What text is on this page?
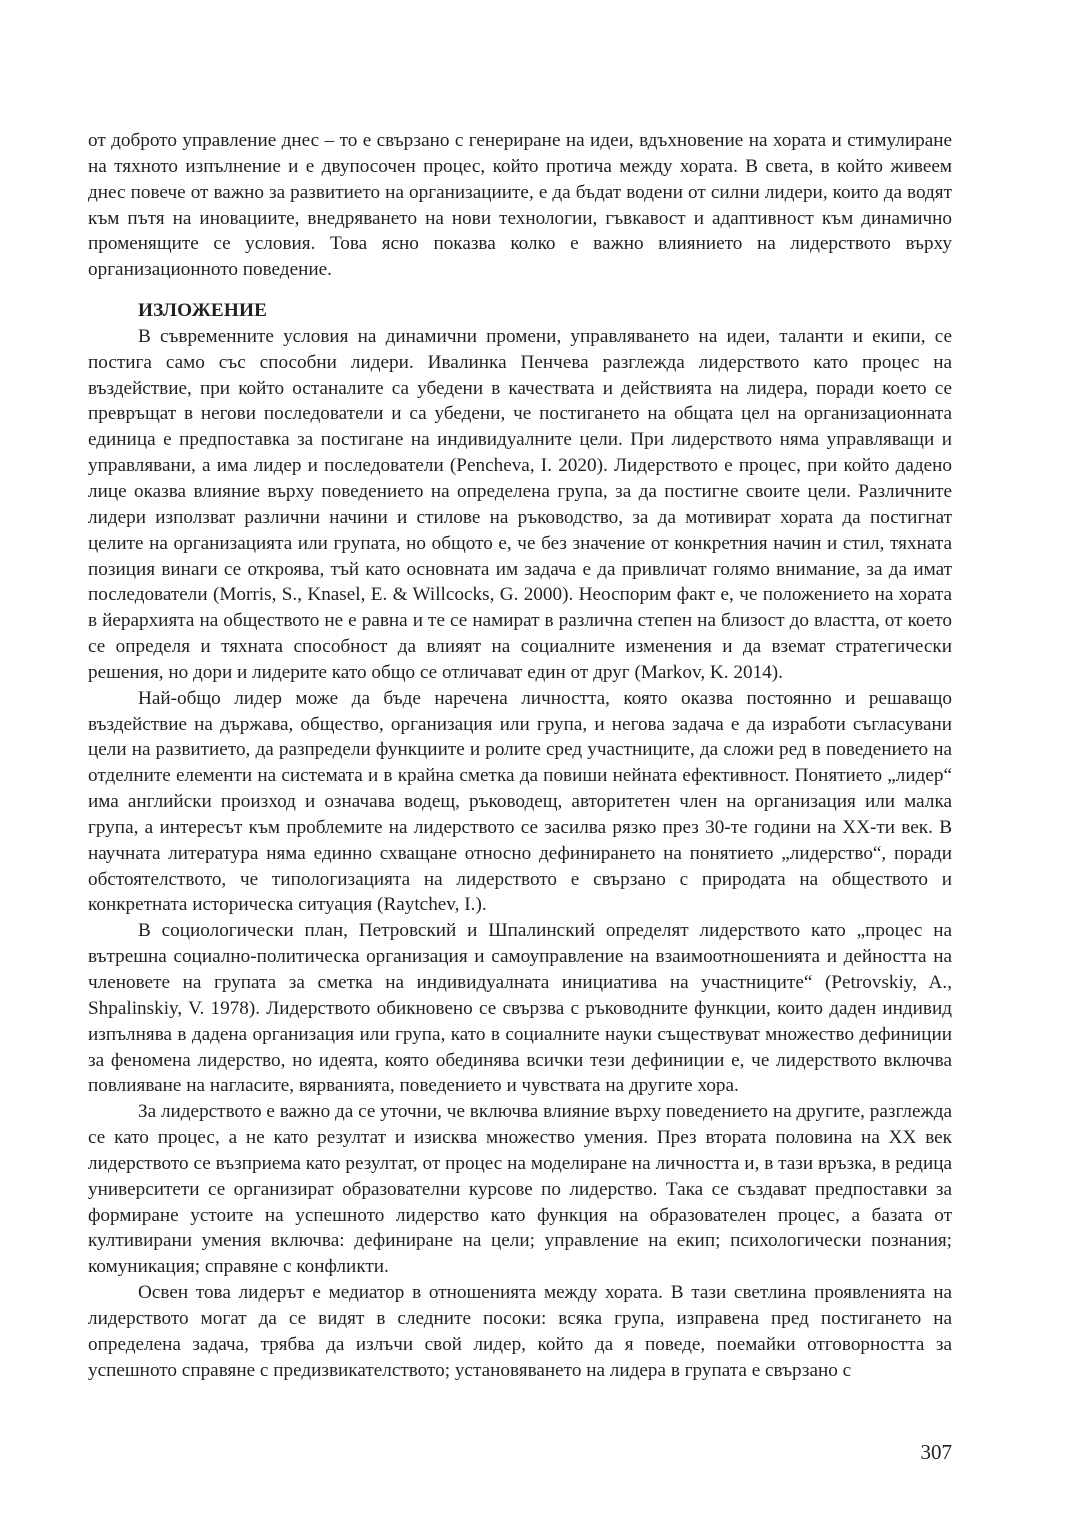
от доброто управление днес – то е свързано с генериране на идеи, вдъхновение на хората и стимулиране на тяхното изпълнение и е двупосочен процес, който протича между хората. В света, в който живеем днес повече от важно за развитието на организациите, е да бъдат водени от силни лидери, които да водят към пътя на иновациите, внедряването на нови технологии, гъвкавост и адаптивност към динамично променящите се условия. Това ясно показва колко е важно влиянието на лидерството върху организационното поведение.

ИЗЛОЖЕНИЕ

В съвременните условия на динамични промени, управляването на идеи, таланти и екипи, се постига само със способни лидери. Ивалинка Пенчева разглежда лидерството като процес на въздействие, при който останалите са убедени в качествата и действията на лидера, поради което се превръщат в негови последователи и са убедени, че постигането на общата цел на организационната единица е предпоставка за постигане на индивидуалните цели. При лидерството няма управляващи и управлявани, а има лидер и последователи (Pencheva, I. 2020). Лидерството е процес, при който дадено лице оказва влияние върху поведението на определена група, за да постигне своите цели. Различните лидери използват различни начини и стилове на ръководство, за да мотивират хората да постигнат целите на организацията или групата, но общото е, че без значение от конкретния начин и стил, тяхната позиция винаги се откроява, тъй като основната им задача е да привличат голямо внимание, за да имат последователи (Morris, S., Knasel, E. & Willcocks, G. 2000). Неоспорим факт е, че положението на хората в йерархията на обществото не е равна и те се намират в различна степен на близост до властта, от което се определя и тяхната способност да влияят на социалните изменения и да вземат стратегически решения, но дори и лидерите като общо се отличават един от друг (Markov, K. 2014).

Най-общо лидер може да бъде наречена личността, която оказва постоянно и решаващо въздействие на държава, общество, организация или група, и негова задача е да изработи съгласувани цели на развитието, да разпредели функциите и ролите сред участниците, да сложи ред в поведението на отделните елементи на системата и в крайна сметка да повиши нейната ефективност. Понятието „лидер“ има английски произход и означава водещ, ръководещ, авторитетен член на организация или малка група, а интересът към проблемите на лидерството се засилва рязко през 30-те години на ХХ-ти век. В научната литература няма единно схващане относно дефинирането на понятието „лидерство“, поради обстоятелството, че типологизацията на лидерството е свързано с природата на обществото и конкретната историческа ситуация (Raytchev, I.).

В социологически план, Петровский и Шпалинский определят лидерството като „процес на вътрешна социално-политическа организация и самоуправление на взаимоотношенията и дейността на членовете на групата за сметка на индивидуалната инициатива на участниците“ (Petrovskiy, A., Shpalinskiy, V. 1978). Лидерството обикновено се свързва с ръководните функции, които даден индивид изпълнява в дадена организация или група, като в социалните науки съществуват множество дефиниции за феномена лидерство, но идеята, която обединява всички тези дефиниции е, че лидерството включва повлияване на нагласите, вярванията, поведението и чувствата на другите хора.

За лидерството е важно да се уточни, че включва влияние върху поведението на другите, разглежда се като процес, а не като резултат и изисква множество умения. През втората половина на ХХ век лидерството се възприема като резултат, от процес на моделиране на личността и, в тази връзка, в редица университети се организират образователни курсове по лидерство. Така се създават предпоставки за формиране устоите на успешното лидерство като функция на образователен процес, а базата от култивирани умения включва: дефиниране на цели; управление на екип; психологически познания; комуникация; справяне с конфликти.

Освен това лидерът е медиатор в отношенията между хората. В тази светлина проявленията на лидерството могат да се видят в следните посоки: всяка група, изправена пред постигането на определена задача, трябва да излъчи свой лидер, който да я поведе, поемайки отговорността за успешното справяне с предизвикателството; установяването на лидера в групата е свързано с

307
